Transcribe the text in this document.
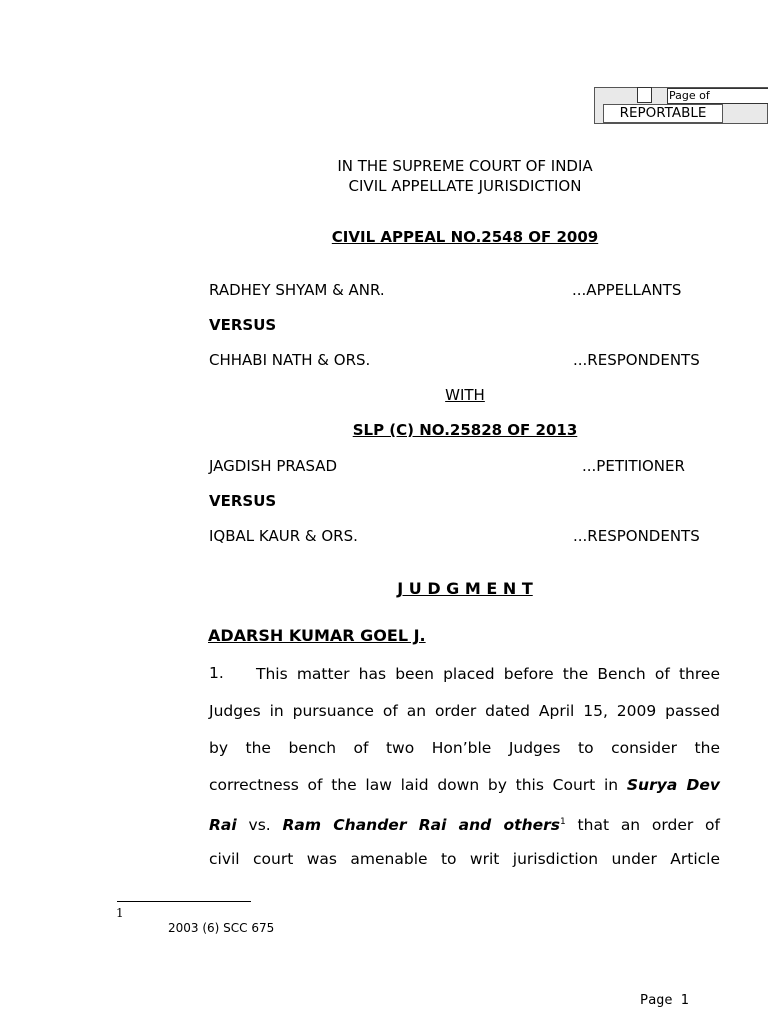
Page of
REPORTABLE
IN THE SUPREME COURT OF INDIA
CIVIL APPELLATE JURISDICTION
CIVIL APPEAL NO.2548 OF 2009
RADHEY SHYAM & ANR.	...APPELLANTS
VERSUS
CHHABI NATH & ORS.	...RESPONDENTS
WITH
SLP (C) NO.25828 OF 2013
JAGDISH PRASAD	...PETITIONER
VERSUS
IQBAL KAUR & ORS.	...RESPONDENTS
J U D G M E N T
ADARSH KUMAR GOEL J.
1. This matter has been placed before the Bench of three
Judges in pursuance of an order dated April 15, 2009 passed
by the bench of two Hon’ble Judges to consider the
correctness of the law laid down by this Court in Surya Dev
Rai vs. Ram Chander Rai and others$^1$ that an order of
civil court was amenable to writ jurisdiction under Article
1
2003 (6) SCC 675
Page 1
